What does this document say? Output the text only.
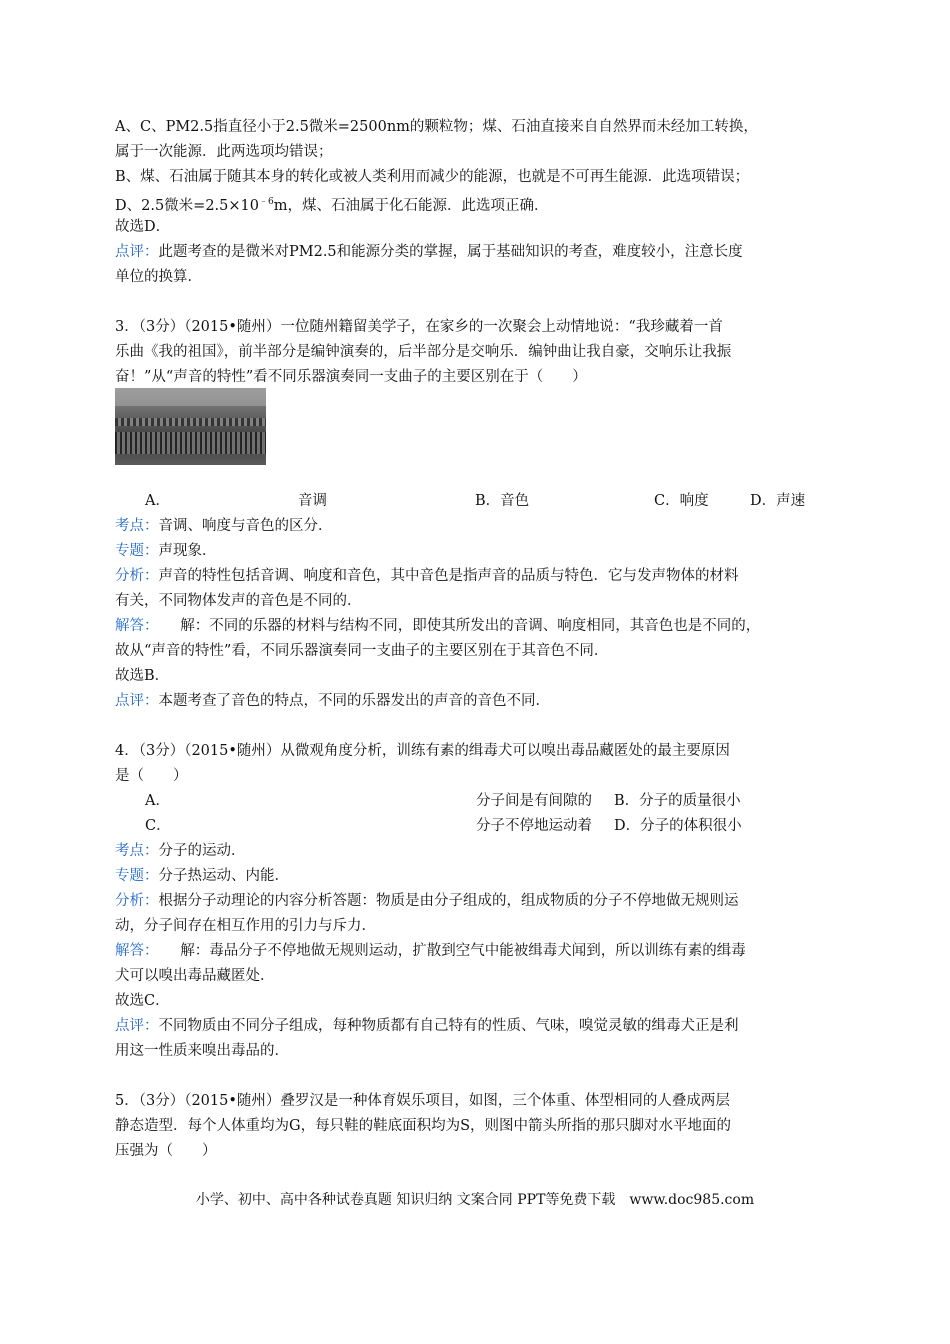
A、C、PM2.5指直径小于2.5微米=2500nm的颗粒物；煤、石油直接来自自然界而未经加工转换，
属于一次能源．此两选项均错误；
B、煤、石油属于随其本身的转化或被人类利用而减少的能源，也就是不可再生能源．此选项错误；
D、2.5微米$=2.5\times 10^{﹣6}m$，煤、石油属于化石能源．此选项正确．
故选D．
点评：此题考查的是微米对PM2.5和能源分类的掌握，属于基础知识的考查，难度较小，注意长度
单位的换算．
3．（3分）（2015•随州）一位随州籍留美学子，在家乡的一次聚会上动情地说：“我珍藏着一首
乐曲《我的祖国》，前半部分是编钟演奏的，后半部分是交响乐．编钟曲让我自豪，交响乐让我振
奋！”从“声音的特性”看不同乐器演奏同一支曲子的主要区别在于（　　）
A．	音调	B．音色	C．响度	D．声速
考点：音调、响度与音色的区分．
专题：声现象．
分析：声音的特性包括音调、响度和音色，其中音色是指声音的品质与特色．它与发声物体的材料
有关，不同物体发声的音色是不同的．
解答：　　解：不同的乐器的材料与结构不同，即使其所发出的音调、响度相同，其音色也是不同的，
故从“声音的特性”看，不同乐器演奏同一支曲子的主要区别在于其音色不同．
故选B．
点评：本题考查了音色的特点，不同的乐器发出的声音的音色不同．
4．（3分）（2015•随州）从微观角度分析，训练有素的缉毒犬可以嗅出毒品藏匿处的最主要原因
是（　　）
A．	分子间是有间隙的 B．分子的质量很小
C．	分子不停地运动着 D．分子的体积很小
考点：分子的运动．
专题：分子热运动、内能．
分析：根据分子动理论的内容分析答题：物质是由分子组成的，组成物质的分子不停地做无规则运
动，分子间存在相互作用的引力与斥力．
解答：　　解：毒品分子不停地做无规则运动，扩散到空气中能被缉毒犬闻到，所以训练有素的缉毒
犬可以嗅出毒品藏匿处．
故选C．
点评：不同物质由不同分子组成，每种物质都有自己特有的性质、气味，嗅觉灵敏的缉毒犬正是利
用这一性质来嗅出毒品的．
5．（3分）（2015•随州）叠罗汉是一种体育娱乐项目，如图，三个体重、体型相同的人叠成两层
静态造型．每个人体重均为G，每只鞋的鞋底面积均为S，则图中箭头所指的那只脚对水平地面的
压强为（　　）
小学、初中、高中各种试卷真题 知识归纳 文案合同 PPT等免费下载　www.doc985.com
